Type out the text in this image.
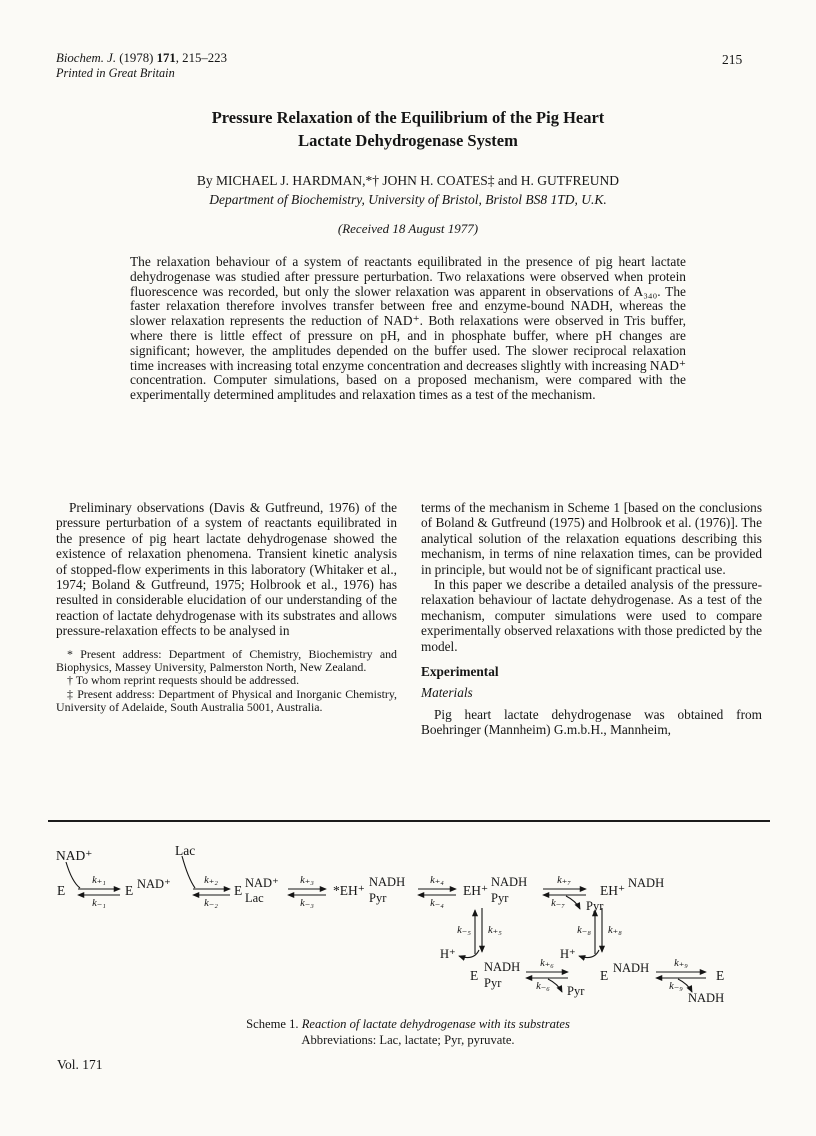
Biochem. J. (1978) 171, 215–223
Printed in Great Britain
215
Pressure Relaxation of the Equilibrium of the Pig Heart
Lactate Dehydrogenase System
By MICHAEL J. HARDMAN,*† JOHN H. COATES‡ and H. GUTFREUND
Department of Biochemistry, University of Bristol, Bristol BS8 1TD, U.K.
(Received 18 August 1977)
The relaxation behaviour of a system of reactants equilibrated in the presence of pig heart lactate dehydrogenase was studied after pressure perturbation. Two relaxations were observed when protein fluorescence was recorded, but only the slower relaxation was apparent in observations of A₃₄₀. The faster relaxation therefore involves transfer between free and enzyme-bound NADH, whereas the slower relaxation represents the reduction of NAD⁺. Both relaxations were observed in Tris buffer, where there is little effect of pressure on pH, and in phosphate buffer, where pH changes are significant; however, the amplitudes depended on the buffer used. The slower reciprocal relaxation time increases with increasing total enzyme concentration and decreases slightly with increasing NAD⁺ concentration. Computer simulations, based on a proposed mechanism, were compared with the experimentally determined amplitudes and relaxation times as a test of the mechanism.

Preliminary observations (Davis & Gutfreund, 1976) of the pressure perturbation of a system of reactants equilibrated in the presence of pig heart lactate dehydrogenase showed the existence of relaxation phenomena. Transient kinetic analysis of stopped-flow experiments in this laboratory (Whitaker et al., 1974; Boland & Gutfreund, 1975; Holbrook et al., 1976) has resulted in considerable elucidation of our understanding of the reaction of lactate dehydrogenase with its substrates and allows pressure-relaxation effects to be analysed in

* Present address: Department of Chemistry, Biochemistry and Biophysics, Massey University, Palmerston North, New Zealand.

† To whom reprint requests should be addressed.

‡ Present address: Department of Physical and Inorganic Chemistry, University of Adelaide, South Australia 5001, Australia.

terms of the mechanism in Scheme 1 [based on the conclusions of Boland & Gutfreund (1975) and Holbrook et al. (1976)]. The analytical solution of the relaxation equations describing this mechanism, in terms of nine relaxation times, can be provided in principle, but would not be of significant practical use.

In this paper we describe a detailed analysis of the pressure-relaxation behaviour of lactate dehydrogenase. As a test of the mechanism, computer simulations were used to compare experimentally observed relaxations with those predicted by the model.

Experimental

Materials

Pig heart lactate dehydrogenase was obtained from Boehringer (Mannheim) G.m.b.H., Mannheim,

NAD⁺	Lac
E	E NAD⁺	E NAD⁺
Lac	*EH⁺
NADH
Pyr	EH⁺
NADH
Pyr	EH⁺ NADH
Pyr
k₋₅ k₊₅	k₋₈ k₊₈
H⁺	H⁺
E
NADH
Pyr
Pyr
E NADH
NADH
E
k₊₁
k₋₁
k₊₂
k₋₂
k₊₃
k₋₃
k₊₄
k₋₄
k₊₇
k₋₇
k₊₆
k₋₆
k₊₉
k₋₉
Scheme 1. Reaction of lactate dehydrogenase with its substrates
Abbreviations: Lac, lactate; Pyr, pyruvate.
Vol. 171
